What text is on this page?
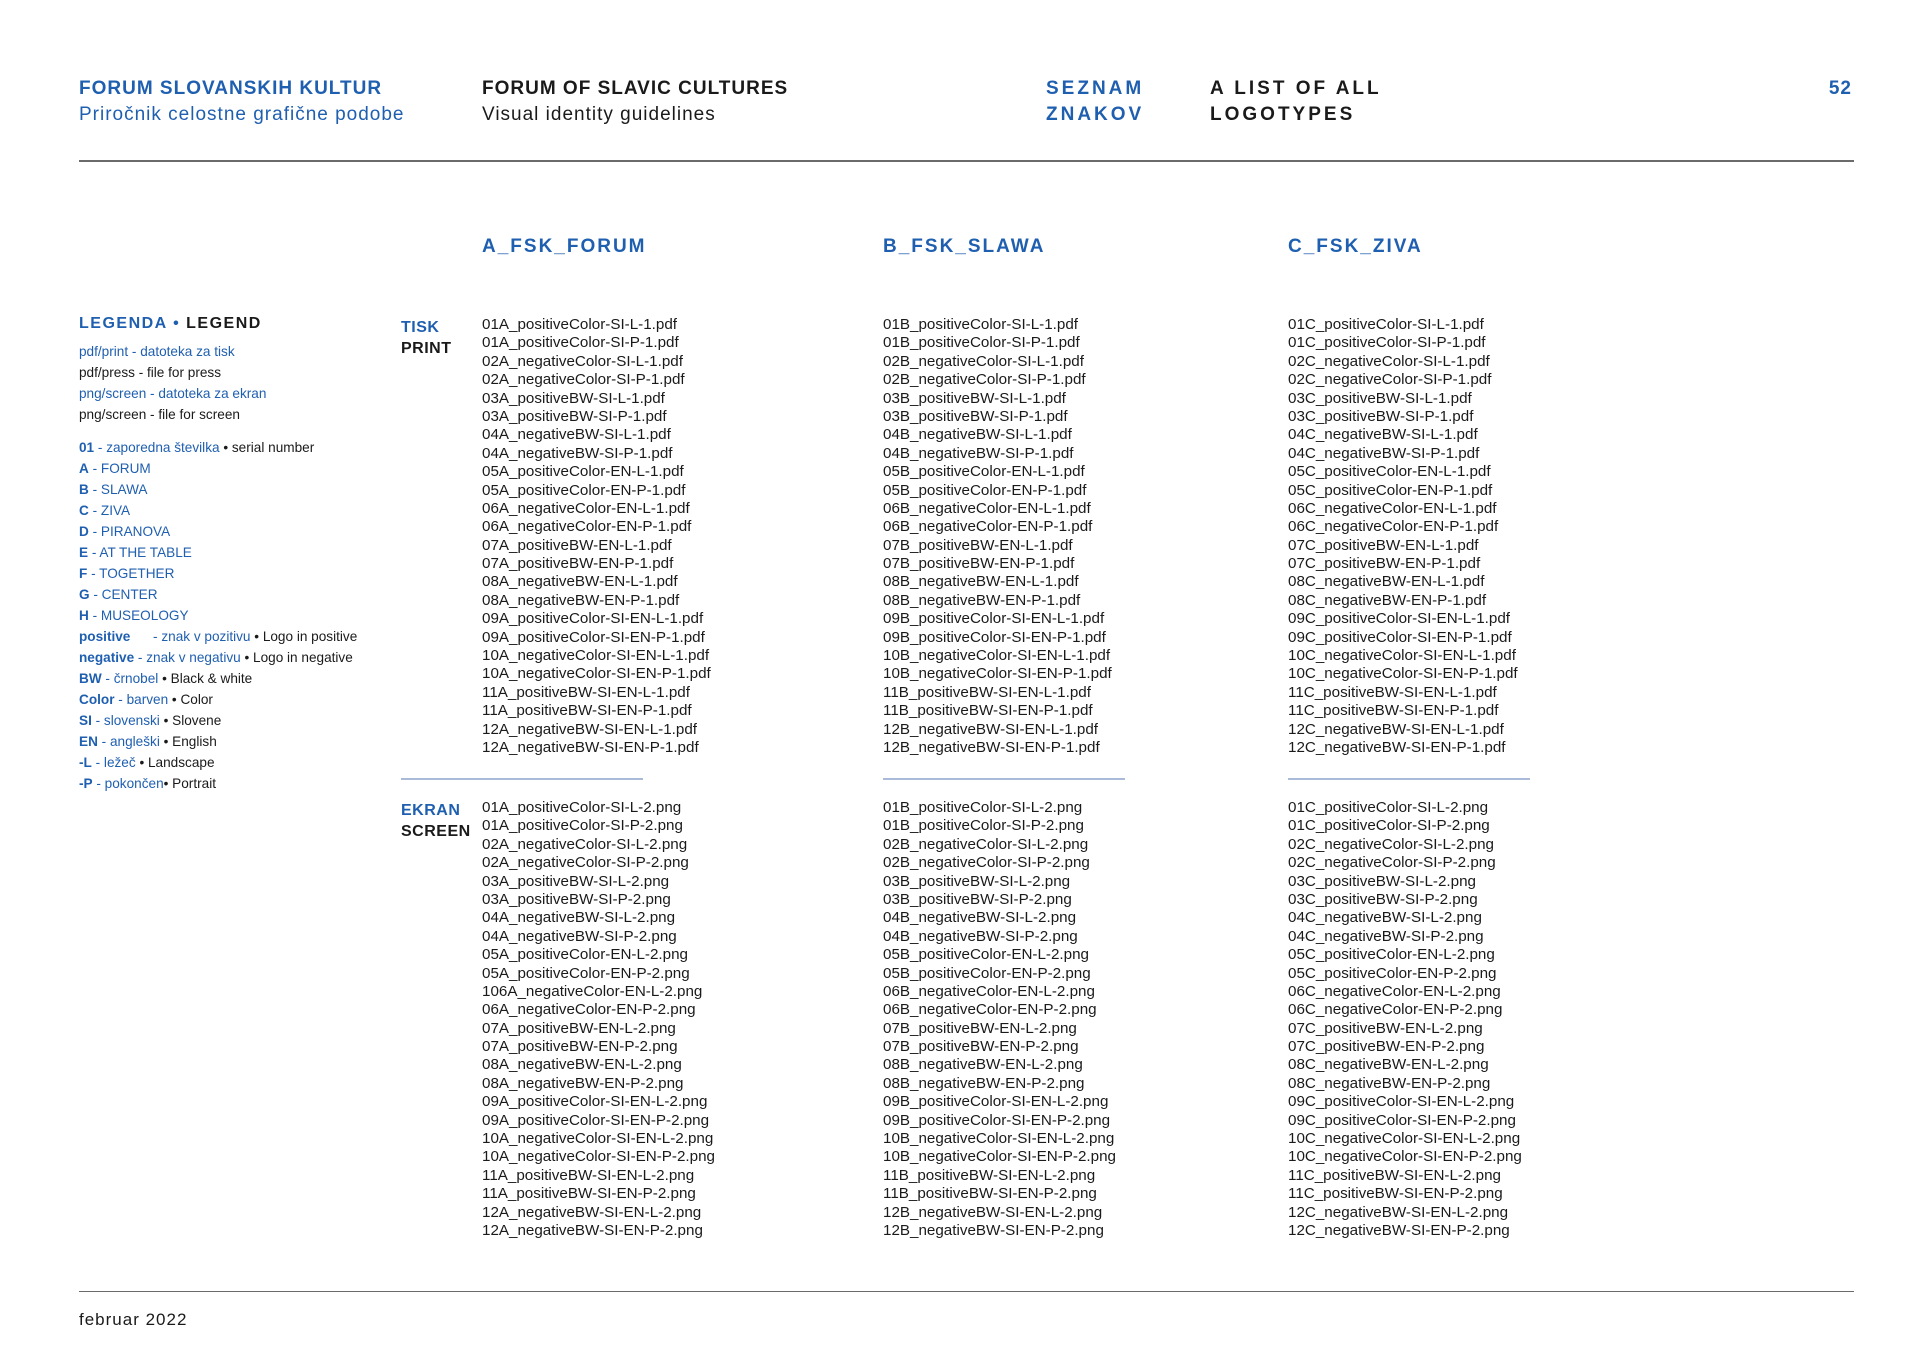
FORUM SLOVANSKIH KULTUR
Priročnik celostne grafične podobe
FORUM OF SLAVIC CULTURES
Visual identity guidelines
SEZNAM
ZNAKOV
A LIST OF ALL
LOGOTYPES
52
LEGENDA • LEGEND
pdf/print - datoteka za tisk
pdf/press - file for press
png/screen - datoteka za ekran
png/screen - file for screen
01 - zaporedna številka • serial number
A - FORUM
B - SLAWA
C - ZIVA
D - PIRANOVA
E - AT THE TABLE
F - TOGETHER
G - CENTER
H - MUSEOLOGY
positive      - znak v pozitivu • Logo in positive
negative - znak v negativu • Logo in negative
BW - črnobel • Black & white
Color - barven • Color
SI - slovenski • Slovene
EN - angleški • English
-L - ležeč • Landscape
-P - pokončen• Portrait
A_FSK_FORUM	B_FSK_SLAWA	C_FSK_ZIVA
TISK
PRINT
EKRAN
SCREEN
01A_positiveColor-SI-L-1.pdf
01A_positiveColor-SI-P-1.pdf
02A_negativeColor-SI-L-1.pdf
02A_negativeColor-SI-P-1.pdf
03A_positiveBW-SI-L-1.pdf
03A_positiveBW-SI-P-1.pdf
04A_negativeBW-SI-L-1.pdf
04A_negativeBW-SI-P-1.pdf
05A_positiveColor-EN-L-1.pdf
05A_positiveColor-EN-P-1.pdf
06A_negativeColor-EN-L-1.pdf
06A_negativeColor-EN-P-1.pdf
07A_positiveBW-EN-L-1.pdf
07A_positiveBW-EN-P-1.pdf
08A_negativeBW-EN-L-1.pdf
08A_negativeBW-EN-P-1.pdf
09A_positiveColor-SI-EN-L-1.pdf
09A_positiveColor-SI-EN-P-1.pdf
10A_negativeColor-SI-EN-L-1.pdf
10A_negativeColor-SI-EN-P-1.pdf
11A_positiveBW-SI-EN-L-1.pdf
11A_positiveBW-SI-EN-P-1.pdf
12A_negativeBW-SI-EN-L-1.pdf
12A_negativeBW-SI-EN-P-1.pdf
01B_positiveColor-SI-L-1.pdf
01B_positiveColor-SI-P-1.pdf
02B_negativeColor-SI-L-1.pdf
02B_negativeColor-SI-P-1.pdf
03B_positiveBW-SI-L-1.pdf
03B_positiveBW-SI-P-1.pdf
04B_negativeBW-SI-L-1.pdf
04B_negativeBW-SI-P-1.pdf
05B_positiveColor-EN-L-1.pdf
05B_positiveColor-EN-P-1.pdf
06B_negativeColor-EN-L-1.pdf
06B_negativeColor-EN-P-1.pdf
07B_positiveBW-EN-L-1.pdf
07B_positiveBW-EN-P-1.pdf
08B_negativeBW-EN-L-1.pdf
08B_negativeBW-EN-P-1.pdf
09B_positiveColor-SI-EN-L-1.pdf
09B_positiveColor-SI-EN-P-1.pdf
10B_negativeColor-SI-EN-L-1.pdf
10B_negativeColor-SI-EN-P-1.pdf
11B_positiveBW-SI-EN-L-1.pdf
11B_positiveBW-SI-EN-P-1.pdf
12B_negativeBW-SI-EN-L-1.pdf
12B_negativeBW-SI-EN-P-1.pdf
01C_positiveColor-SI-L-1.pdf
01C_positiveColor-SI-P-1.pdf
02C_negativeColor-SI-L-1.pdf
02C_negativeColor-SI-P-1.pdf
03C_positiveBW-SI-L-1.pdf
03C_positiveBW-SI-P-1.pdf
04C_negativeBW-SI-L-1.pdf
04C_negativeBW-SI-P-1.pdf
05C_positiveColor-EN-L-1.pdf
05C_positiveColor-EN-P-1.pdf
06C_negativeColor-EN-L-1.pdf
06C_negativeColor-EN-P-1.pdf
07C_positiveBW-EN-L-1.pdf
07C_positiveBW-EN-P-1.pdf
08C_negativeBW-EN-L-1.pdf
08C_negativeBW-EN-P-1.pdf
09C_positiveColor-SI-EN-L-1.pdf
09C_positiveColor-SI-EN-P-1.pdf
10C_negativeColor-SI-EN-L-1.pdf
10C_negativeColor-SI-EN-P-1.pdf
11C_positiveBW-SI-EN-L-1.pdf
11C_positiveBW-SI-EN-P-1.pdf
12C_negativeBW-SI-EN-L-1.pdf
12C_negativeBW-SI-EN-P-1.pdf
01A_positiveColor-SI-L-2.png
01A_positiveColor-SI-P-2.png
02A_negativeColor-SI-L-2.png
02A_negativeColor-SI-P-2.png
03A_positiveBW-SI-L-2.png
03A_positiveBW-SI-P-2.png
04A_negativeBW-SI-L-2.png
04A_negativeBW-SI-P-2.png
05A_positiveColor-EN-L-2.png
05A_positiveColor-EN-P-2.png
106A_negativeColor-EN-L-2.png
06A_negativeColor-EN-P-2.png
07A_positiveBW-EN-L-2.png
07A_positiveBW-EN-P-2.png
08A_negativeBW-EN-L-2.png
08A_negativeBW-EN-P-2.png
09A_positiveColor-SI-EN-L-2.png
09A_positiveColor-SI-EN-P-2.png
10A_negativeColor-SI-EN-L-2.png
10A_negativeColor-SI-EN-P-2.png
11A_positiveBW-SI-EN-L-2.png
11A_positiveBW-SI-EN-P-2.png
12A_negativeBW-SI-EN-L-2.png
12A_negativeBW-SI-EN-P-2.png
01B_positiveColor-SI-L-2.png
01B_positiveColor-SI-P-2.png
02B_negativeColor-SI-L-2.png
02B_negativeColor-SI-P-2.png
03B_positiveBW-SI-L-2.png
03B_positiveBW-SI-P-2.png
04B_negativeBW-SI-L-2.png
04B_negativeBW-SI-P-2.png
05B_positiveColor-EN-L-2.png
05B_positiveColor-EN-P-2.png
06B_negativeColor-EN-L-2.png
06B_negativeColor-EN-P-2.png
07B_positiveBW-EN-L-2.png
07B_positiveBW-EN-P-2.png
08B_negativeBW-EN-L-2.png
08B_negativeBW-EN-P-2.png
09B_positiveColor-SI-EN-L-2.png
09B_positiveColor-SI-EN-P-2.png
10B_negativeColor-SI-EN-L-2.png
10B_negativeColor-SI-EN-P-2.png
11B_positiveBW-SI-EN-L-2.png
11B_positiveBW-SI-EN-P-2.png
12B_negativeBW-SI-EN-L-2.png
12B_negativeBW-SI-EN-P-2.png
01C_positiveColor-SI-L-2.png
01C_positiveColor-SI-P-2.png
02C_negativeColor-SI-L-2.png
02C_negativeColor-SI-P-2.png
03C_positiveBW-SI-L-2.png
03C_positiveBW-SI-P-2.png
04C_negativeBW-SI-L-2.png
04C_negativeBW-SI-P-2.png
05C_positiveColor-EN-L-2.png
05C_positiveColor-EN-P-2.png
06C_negativeColor-EN-L-2.png
06C_negativeColor-EN-P-2.png
07C_positiveBW-EN-L-2.png
07C_positiveBW-EN-P-2.png
08C_negativeBW-EN-L-2.png
08C_negativeBW-EN-P-2.png
09C_positiveColor-SI-EN-L-2.png
09C_positiveColor-SI-EN-P-2.png
10C_negativeColor-SI-EN-L-2.png
10C_negativeColor-SI-EN-P-2.png
11C_positiveBW-SI-EN-L-2.png
11C_positiveBW-SI-EN-P-2.png
12C_negativeBW-SI-EN-L-2.png
12C_negativeBW-SI-EN-P-2.png
februar 2022
